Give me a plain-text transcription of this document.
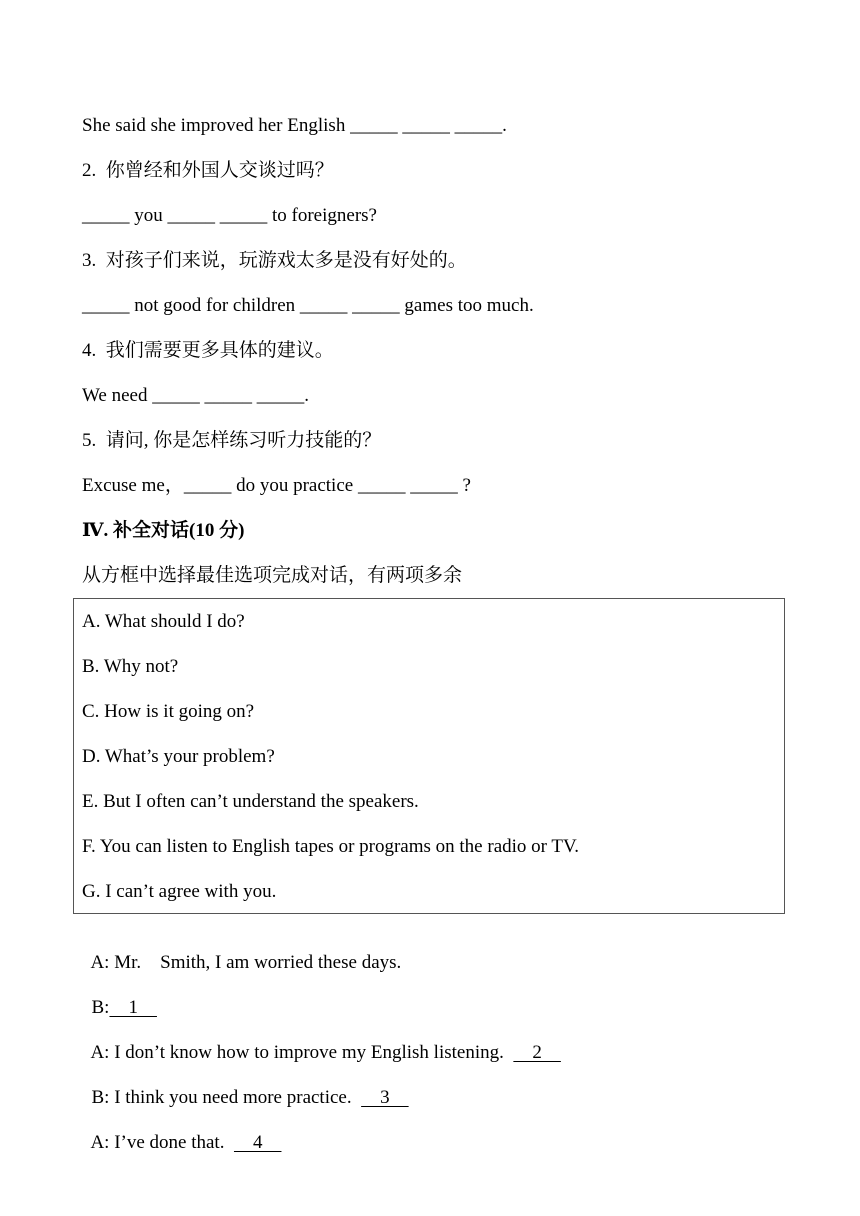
She said she improved her English _____ _____ _____.
2.  你曾经和外国人交谈过吗？
_____ you _____ _____ to foreigners?
3.  对孩子们来说，玩游戏太多是没有好处的。
_____ not good for children _____ _____ games too much.
4.  我们需要更多具体的建议。
We need _____ _____ _____.
5.  请问, 你是怎样练习听力技能的？
Excuse me，_____ do you practice _____ _____ ?
Ⅳ. 补全对话(10 分)
从方框中选择最佳选项完成对话，有两项多余
A. What should I do?
B. Why not?
C. How is it going on?
D. What’s your problem?
E. But I often can’t understand the speakers.
F. You can listen to English tapes or programs on the radio or TV.
G. I can’t agree with you.

A: Mr.    Smith, I am worried these days.

B:    1

A: I don’t know how to improve my English listening.      2

B: I think you need more practice.      3

A: I’ve done that.      4
